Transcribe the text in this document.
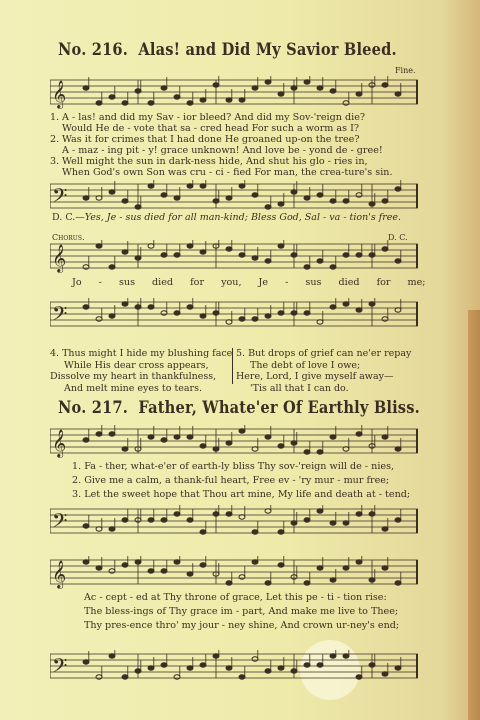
No. 216. Alas! and Did My Savior Bleed.
Fine.
𝄞
1. A - las! and did my Sav - ior bleed? And did my Sov-'reign die?
Would He de - vote that sa - cred head For such a worm as I?
2. Was it for crimes that I had done He groaned up-on the tree?
A - maz - ing pit - y! grace unknown! And love be - yond de - gree!
3. Well might the sun in dark-ness hide, And shut his glo - ries in,
When God's own Son was cru - ci - fied For man, the crea-ture's sin.
𝄢
D. C.—Yes, Je - sus died for all man-kind; Bless God, Sal - va - tion's free.
Chorus.	D. C.
𝄞
Jo - sus died for you, Je - sus died for me;
𝄢
4. Thus might I hide my blushing face
While His dear cross appears,
Dissolve my heart in thankfulness,
And melt mine eyes to tears.
5. But drops of grief can ne'er repay
The debt of love I owe;
Here, Lord, I give myself away—
'Tis all that I can do.
No. 217. Father, Whate'er Of Earthly Bliss.
𝄞
1. Fa - ther, what-e'er of earth-ly bliss Thy sov-'reign will de - nies,
2. Give me a calm, a thank-ful heart, Free ev - 'ry mur - mur free;
3. Let the sweet hope that Thou art mine, My life and death at - tend;
𝄢
𝄞
Ac - cept - ed at Thy throne of grace, Let this pe - ti - tion rise:
The bless-ings of Thy grace im - part, And make me live to Thee;
Thy pres-ence thro' my jour - ney shine, And crown ur-ney's end;
𝄢
